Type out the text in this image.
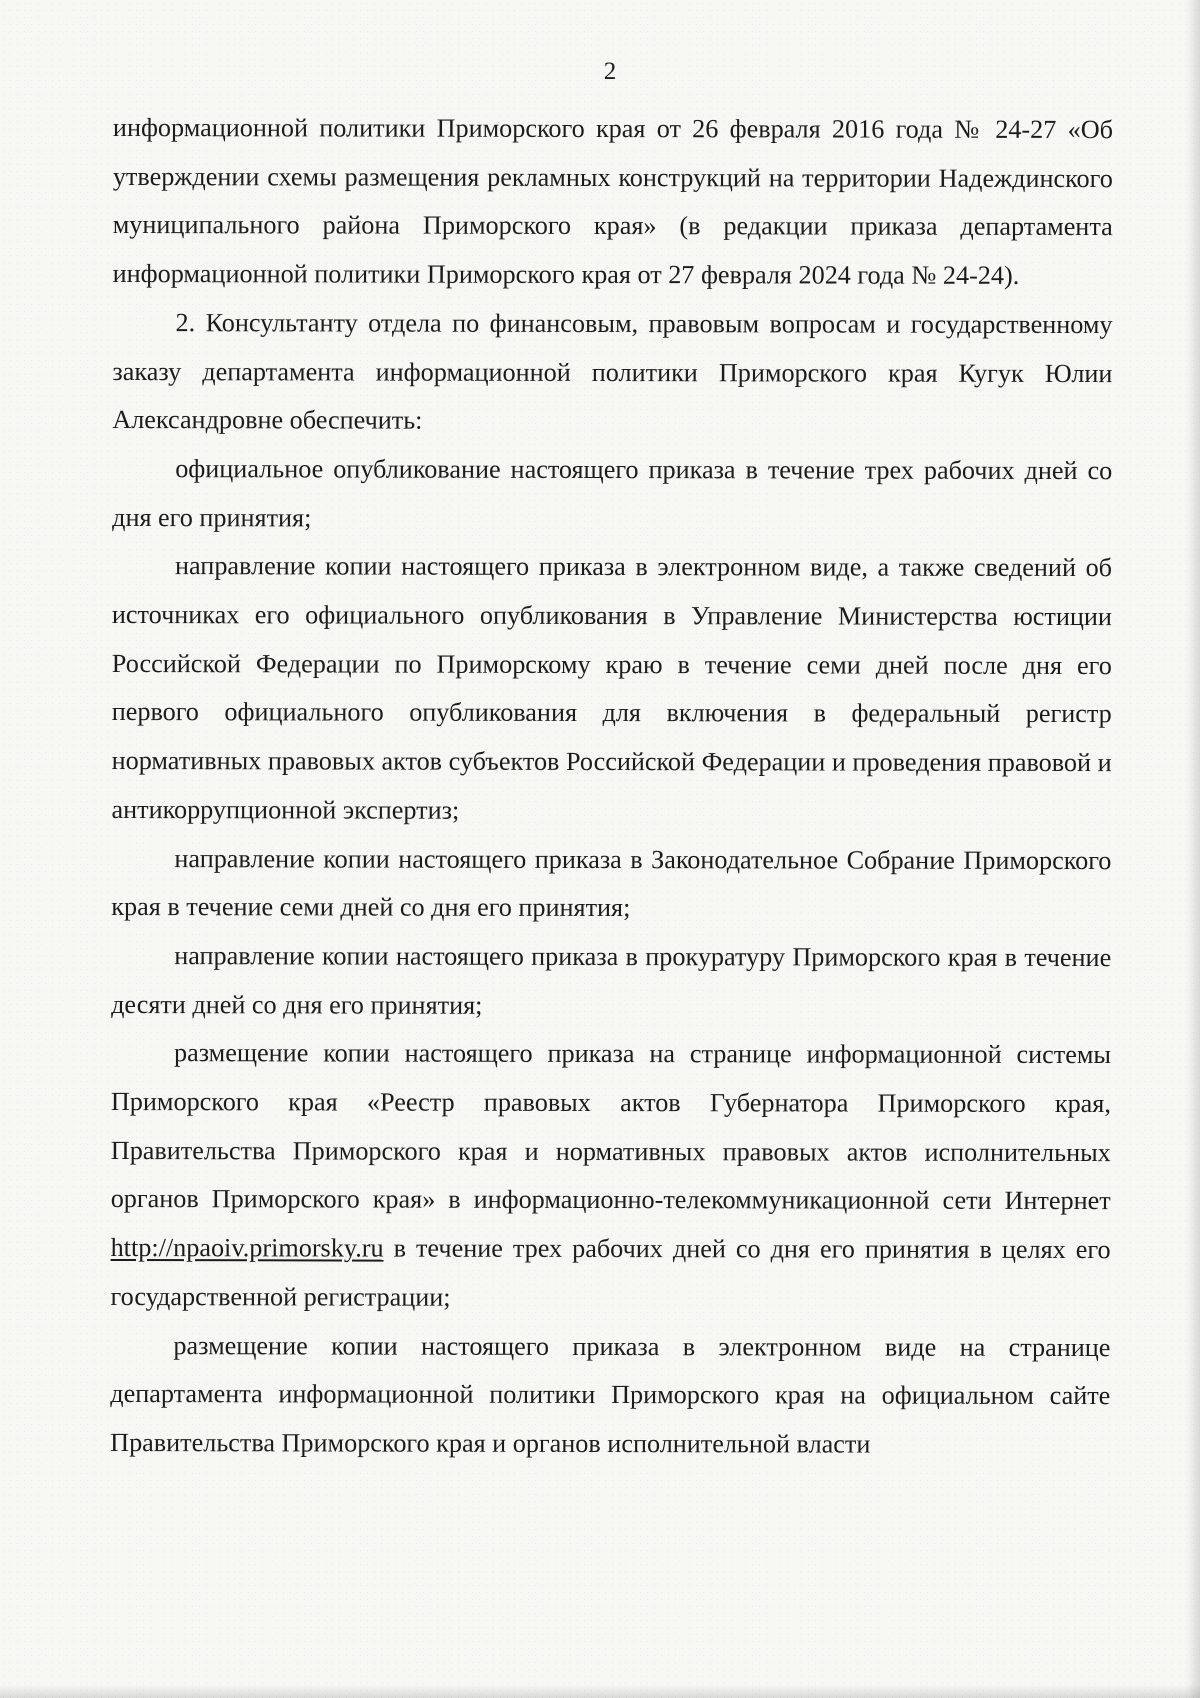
2

информационной политики Приморского края от 26 февраля 2016 года № 24-27 «Об утверждении схемы размещения рекламных конструкций на территории Надеждинского муниципального района Приморского края» (в редакции приказа департамента информационной политики Приморского края от 27 февраля 2024 года № 24-24).

2. Консультанту отдела по финансовым, правовым вопросам и государственному заказу департамента информационной политики Приморского края Кугук Юлии Александровне обеспечить:

официальное опубликование настоящего приказа в течение трех рабочих дней со дня его принятия;

направление копии настоящего приказа в электронном виде, а также сведений об источниках его официального опубликования в Управление Министерства юстиции Российской Федерации по Приморскому краю в течение семи дней после дня его первого официального опубликования для включения в федеральный регистр нормативных правовых актов субъектов Российской Федерации и проведения правовой и антикоррупционной экспертиз;

направление копии настоящего приказа в Законодательное Собрание Приморского края в течение семи дней со дня его принятия;

направление копии настоящего приказа в прокуратуру Приморского края в течение десяти дней со дня его принятия;

размещение копии настоящего приказа на странице информационной системы Приморского края «Реестр правовых актов Губернатора Приморского края, Правительства Приморского края и нормативных правовых актов исполнительных органов Приморского края» в информационно-телекоммуникационной сети Интернет http://npaoiv.primorsky.ru в течение трех рабочих дней со дня его принятия в целях его государственной регистрации;

размещение копии настоящего приказа в электронном виде на странице департамента информационной политики Приморского края на официальном сайте Правительства Приморского края и органов исполнительной власти
